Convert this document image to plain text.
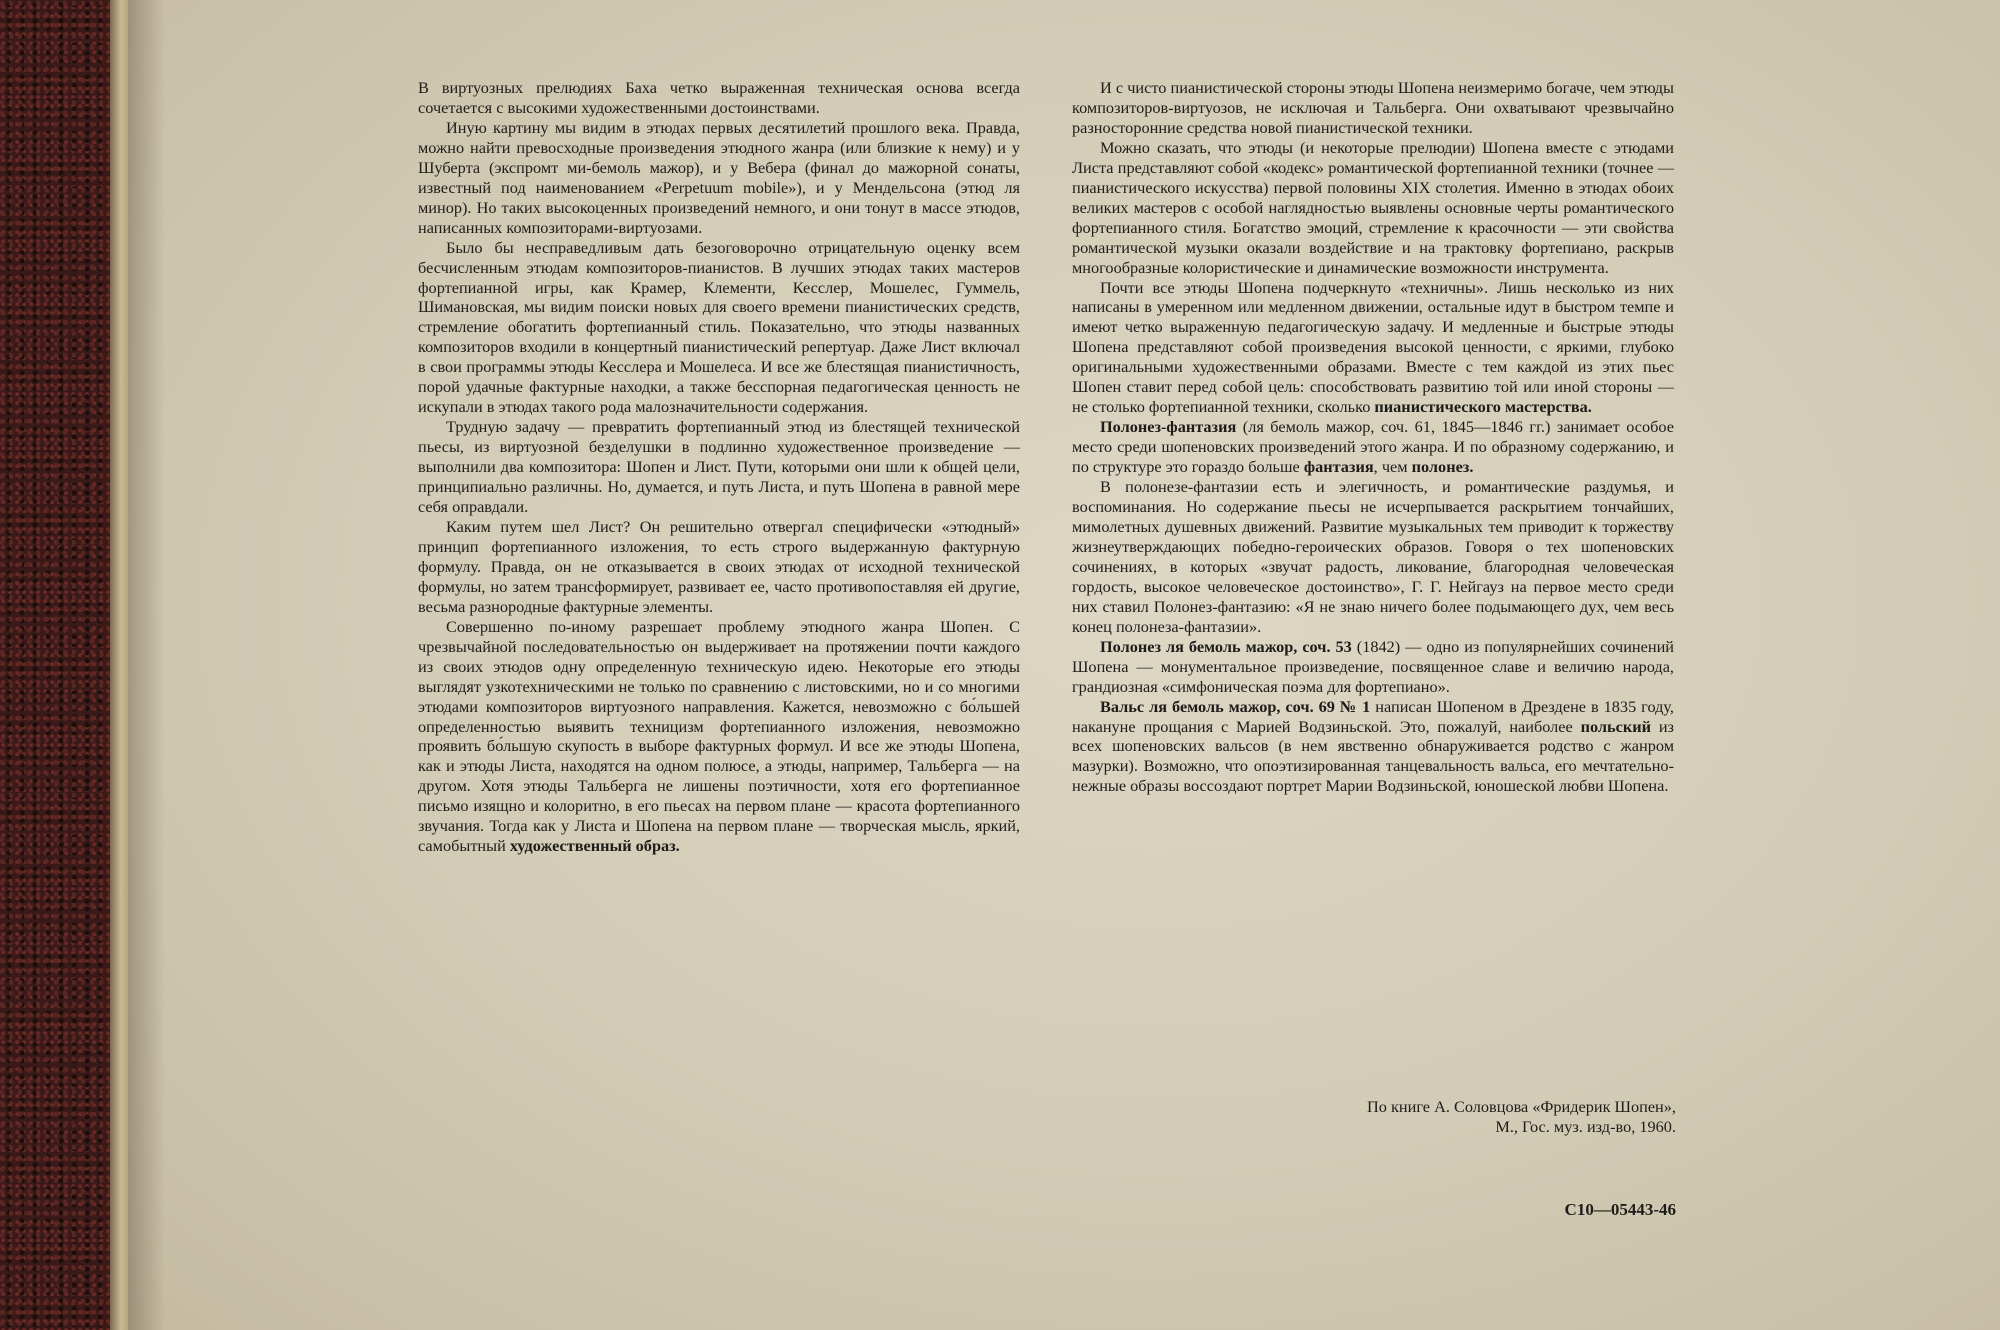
В виртуозных прелюдиях Баха четко выраженная техническая основа всегда сочетается с высокими художественными достоинствами.

Иную картину мы видим в этюдах первых десятилетий прошлого века. Правда, можно найти превосходные произведения этюдного жанра (или близкие к нему) и у Шуберта (экспромт ми-бемоль мажор), и у Вебера (финал до мажорной сонаты, известный под наименованием «Perpetuum mobile»), и у Мендельсона (этюд ля минор). Но таких высокоценных произведений немного, и они тонут в массе этюдов, написанных композиторами-виртуозами.

Было бы несправедливым дать безоговорочно отрицательную оценку всем бесчисленным этюдам композиторов-пианистов. В лучших этюдах таких мастеров фортепианной игры, как Крамер, Клементи, Кесслер, Мошелес, Гуммель, Шимановская, мы видим поиски новых для своего времени пианистических средств, стремление обогатить фортепианный стиль. Показательно, что этюды названных композиторов входили в концертный пианистический репертуар. Даже Лист включал в свои программы этюды Кесслера и Мошелеса. И все же блестящая пианистичность, порой удачные фактурные находки, а также бесспорная педагогическая ценность не искупали в этюдах такого рода малозначительности содержания.

Трудную задачу — превратить фортепианный этюд из блестящей технической пьесы, из виртуозной безделушки в подлинно художественное произведение — выполнили два композитора: Шопен и Лист. Пути, которыми они шли к общей цели, принципиально различны. Но, думается, и путь Листа, и путь Шопена в равной мере себя оправдали.

Каким путем шел Лист? Он решительно отвергал специфически «этюдный» принцип фортепианного изложения, то есть строго выдержанную фактурную формулу. Правда, он не отказывается в своих этюдах от исходной технической формулы, но затем трансформирует, развивает ее, часто противопоставляя ей другие, весьма разнородные фактурные элементы.

Совершенно по-иному разрешает проблему этюдного жанра Шопен. С чрезвычайной последовательностью он выдерживает на протяжении почти каждого из своих этюдов одну определенную техническую идею. Некоторые его этюды выглядят узкотехническими не только по сравнению с листовскими, но и со многими этюдами композиторов виртуозного направления. Кажется, невозможно с бо́льшей определенностью выявить техницизм фортепианного изложения, невозможно проявить бо́льшую скупость в выборе фактурных формул. И все же этюды Шопена, как и этюды Листа, находятся на одном полюсе, а этюды, например, Тальберга — на другом. Хотя этюды Тальберга не лишены поэтичности, хотя его фортепианное письмо изящно и колоритно, в его пьесах на первом плане — красота фортепианного звучания. Тогда как у Листа и Шопена на первом плане — творческая мысль, яркий, самобытный художественный образ.

И с чисто пианистической стороны этюды Шопена неизмеримо богаче, чем этюды композиторов-виртуозов, не исключая и Тальберга. Они охватывают чрезвычайно разносторонние средства новой пианистической техники.

Можно сказать, что этюды (и некоторые прелюдии) Шопена вместе с этюдами Листа представляют собой «кодекс» романтической фортепианной техники (точнее — пианистического искусства) первой половины XIX столетия. Именно в этюдах обоих великих мастеров с особой наглядностью выявлены основные черты романтического фортепианного стиля. Богатство эмоций, стремление к красочности — эти свойства романтической музыки оказали воздействие и на трактовку фортепиано, раскрыв многообразные колористические и динамические возможности инструмента.

Почти все этюды Шопена подчеркнуто «техничны». Лишь несколько из них написаны в умеренном или медленном движении, остальные идут в быстром темпе и имеют четко выраженную педагогическую задачу. И медленные и быстрые этюды Шопена представляют собой произведения высокой ценности, с яркими, глубоко оригинальными художественными образами. Вместе с тем каждой из этих пьес Шопен ставит перед собой цель: способствовать развитию той или иной стороны — не столько фортепианной техники, сколько пианистического мастерства.

Полонез-фантазия (ля бемоль мажор, соч. 61, 1845—1846 гг.) занимает особое место среди шопеновских произведений этого жанра. И по образному содержанию, и по структуре это гораздо больше фантазия, чем полонез.

В полонезе-фантазии есть и элегичность, и романтические раздумья, и воспоминания. Но содержание пьесы не исчерпывается раскрытием тончайших, мимолетных душевных движений. Развитие музыкальных тем приводит к торжеству жизнеутверждающих победно-героических образов. Говоря о тех шопеновских сочинениях, в которых «звучат радость, ликование, благородная человеческая гордость, высокое человеческое достоинство», Г. Г. Нейгауз на первое место среди них ставил Полонез-фантазию: «Я не знаю ничего более подымающего дух, чем весь конец полонеза-фантазии».

Полонез ля бемоль мажор, соч. 53 (1842) — одно из популярнейших сочинений Шопена — монументальное произведение, посвященное славе и величию народа, грандиозная «симфоническая поэма для фортепиано».

Вальс ля бемоль мажор, соч. 69 № 1 написан Шопеном в Дрездене в 1835 году, накануне прощания с Марией Водзиньской. Это, пожалуй, наиболее польский из всех шопеновских вальсов (в нем явственно обнаруживается родство с жанром мазурки). Возможно, что опоэтизированная танцевальность вальса, его мечтательно-нежные образы воссоздают портрет Марии Водзиньской, юношеской любви Шопена.

По книге А. Соловцова «Фридерик Шопен»,
М., Гос. муз. изд-во, 1960.
С10—05443-46
